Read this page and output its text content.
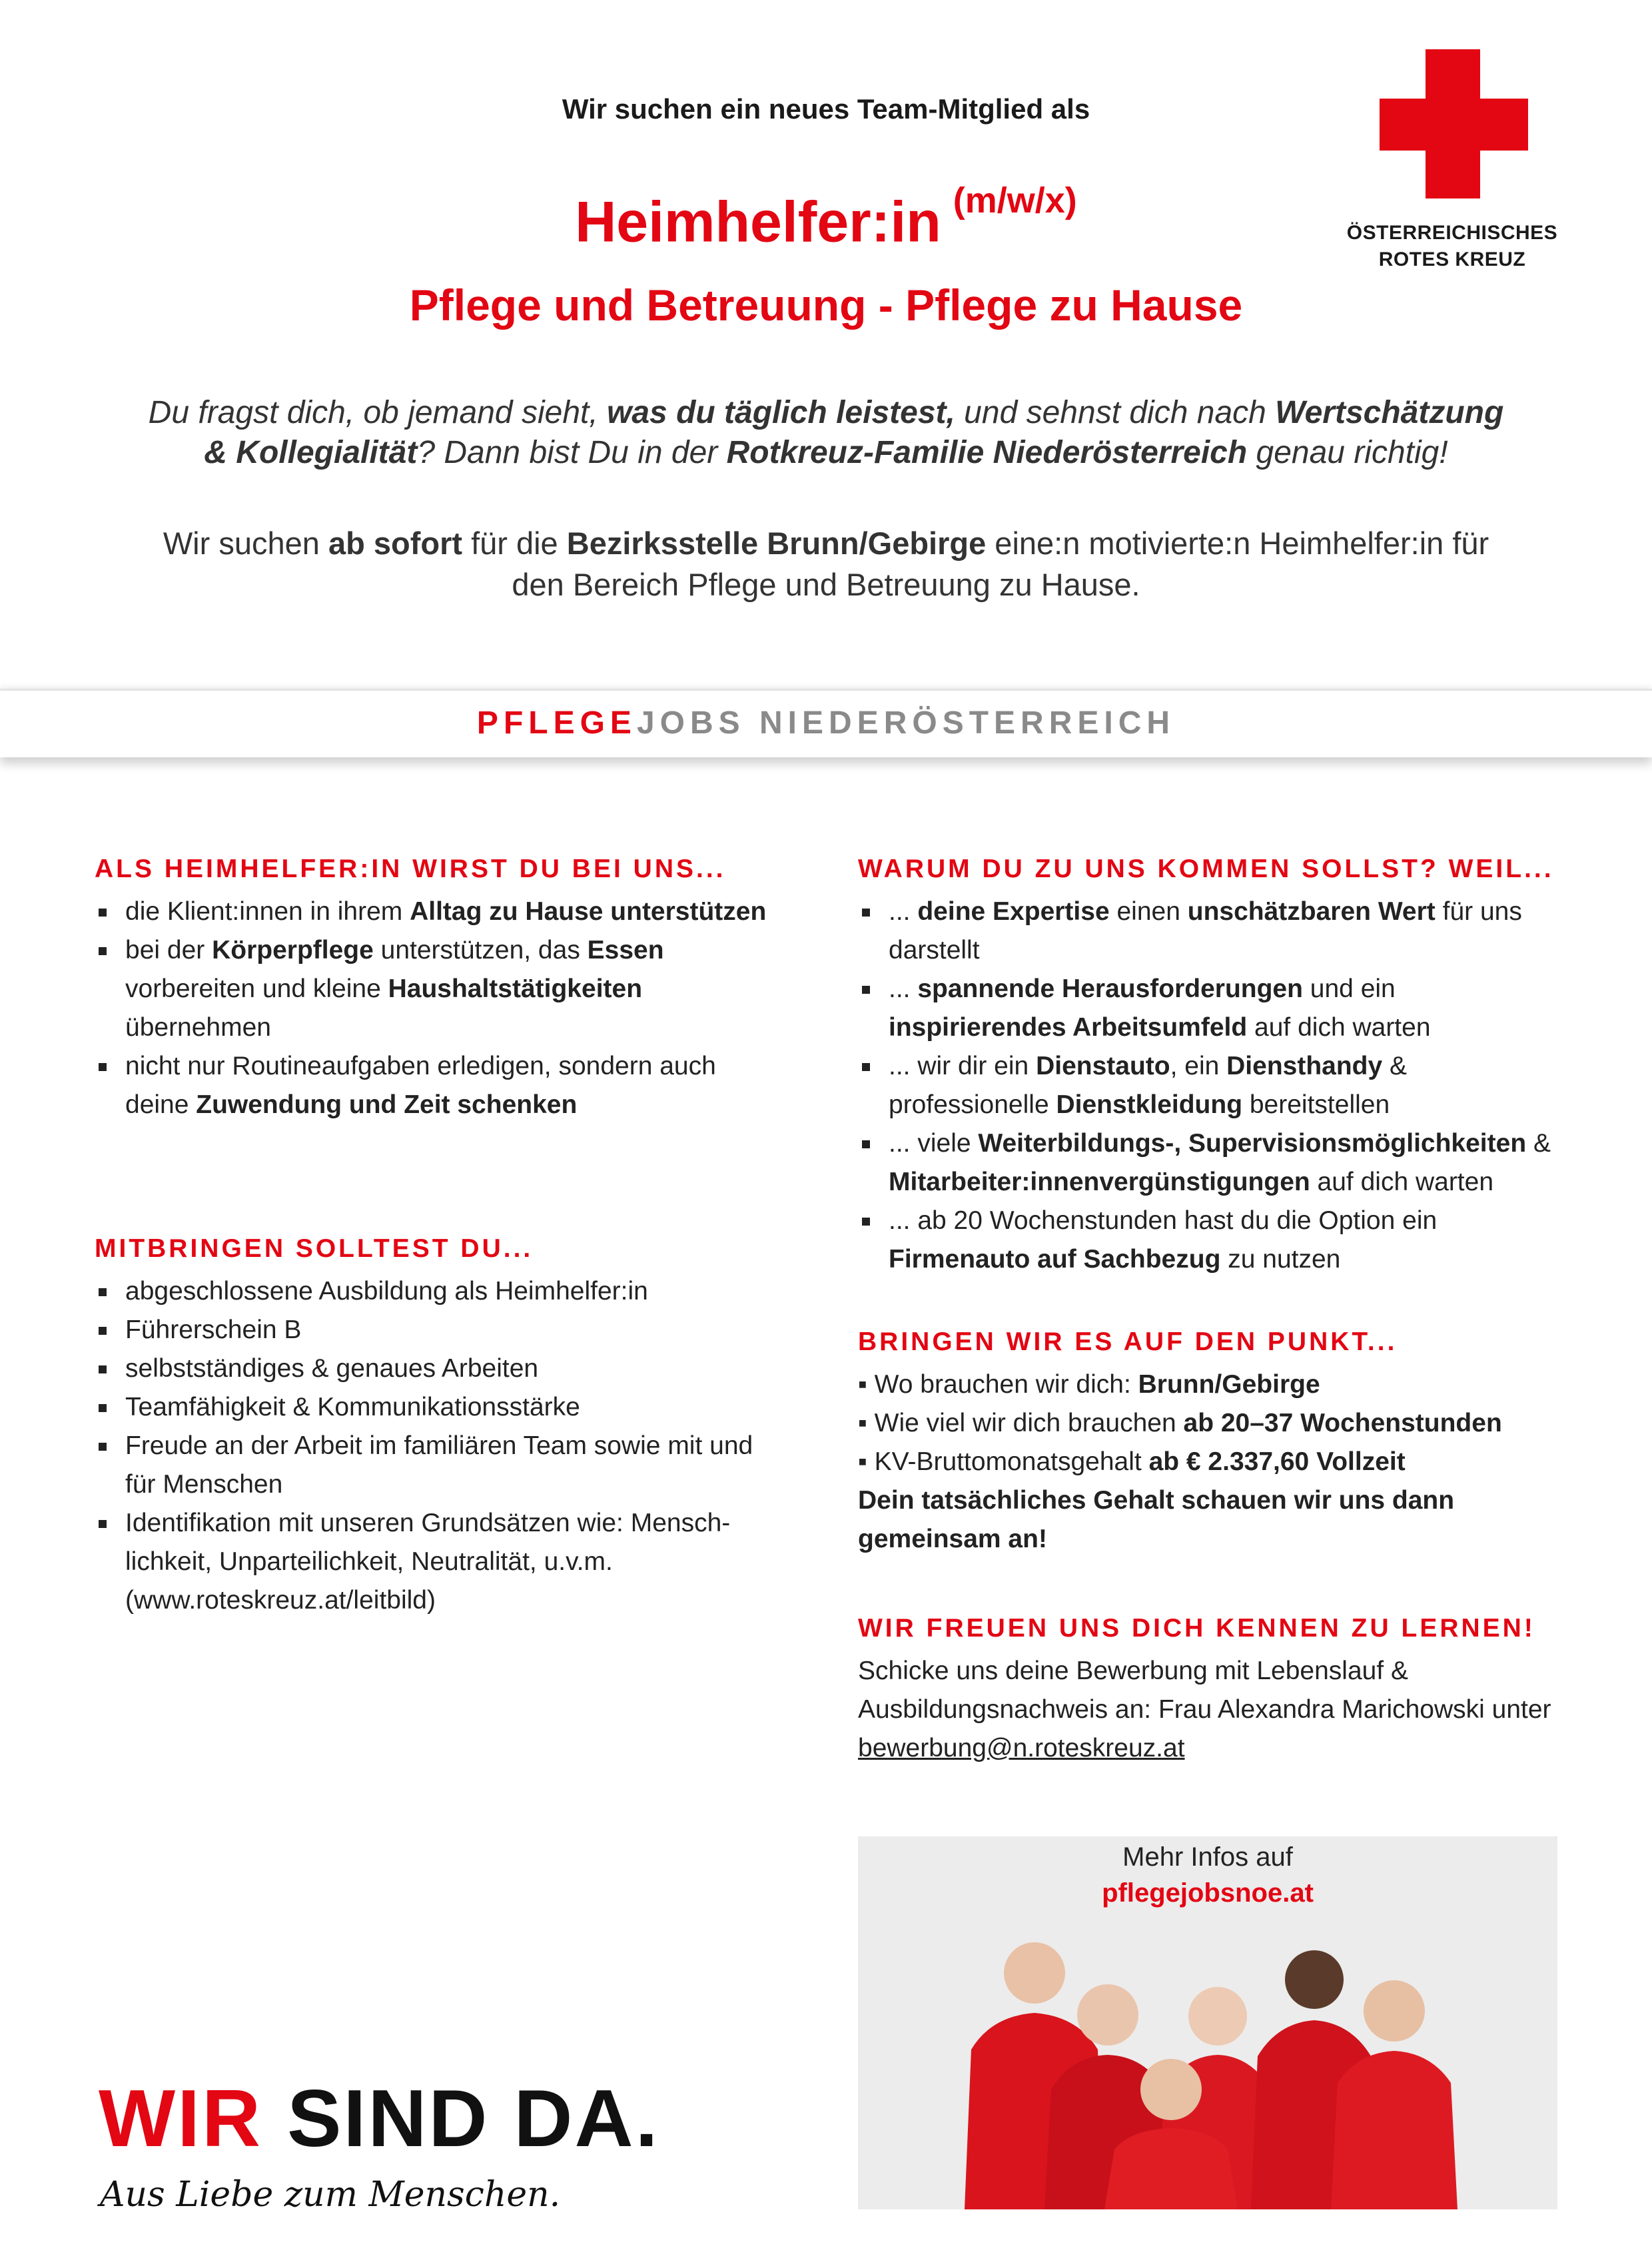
Wir suchen ein neues Team-Mitglied als
Heimhelfer:in $^{(m/w/x)}$
Pflege und Betreuung - Pflege zu Hause
Du fragst dich, ob jemand sieht, was du täglich leistest, und sehnst dich nach Wertschätzung & Kollegialität? Dann bist Du in der Rotkreuz-Familie Niederösterreich genau richtig!
Wir suchen ab sofort für die Bezirksstelle Brunn/Gebirge eine:n motivierte:n Heimhelfer:in für den Bereich Pflege und Betreuung zu Hause.
ÖSTERREICHISCHES
ROTES KREUZ
PFLEGEJOBS NIEDERÖSTERREICH
ALS HEIMHELFER:IN WIRST DU BEI UNS...
die Klient:innen in ihrem Alltag zu Hause unterstützen
bei der Körperpflege unterstützen, das Essen vorbereiten und kleine Haushaltstätigkeiten übernehmen
nicht nur Routineaufgaben erledigen, sondern auch deine Zuwendung und Zeit schenken
MITBRINGEN SOLLTEST DU...
abgeschlossene Ausbildung als Heimhelfer:in
Führerschein B
selbstständiges & genaues Arbeiten
Teamfähigkeit & Kommunikationsstärke
Freude an der Arbeit im familiären Team sowie mit und für Menschen
Identifikation mit unseren Grundsätzen wie: Mensch-lichkeit, Unparteilichkeit, Neutralität, u.v.m. (www.roteskreuz.at/leitbild)
WARUM DU ZU UNS KOMMEN SOLLST? WEIL...
... deine Expertise einen unschätzbaren Wert für uns darstellt
... spannende Herausforderungen und ein inspirierendes Arbeitsumfeld auf dich warten
... wir dir ein Dienstauto, ein Diensthandy & professionelle Dienstkleidung bereitstellen
... viele Weiterbildungs-, Supervisionsmöglichkeiten & Mitarbeiter:innenvergünstigungen auf dich warten
... ab 20 Wochenstunden hast du die Option ein Firmenauto auf Sachbezug zu nutzen
BRINGEN WIR ES AUF DEN PUNKT...
▪ Wo brauchen wir dich: Brunn/Gebirge
▪ Wie viel wir dich brauchen ab 20–37 Wochenstunden
▪ KV-Bruttomonatsgehalt ab € 2.337,60 Vollzeit
Dein tatsächliches Gehalt schauen wir uns dann gemeinsam an!
WIR FREUEN UNS DICH KENNEN ZU LERNEN!
Schicke uns deine Bewerbung mit Lebenslauf & Ausbildungsnachweis an: Frau Alexandra Marichowski unter bewerbung@n.roteskreuz.at
Mehr Infos auf
pflegejobsnoe.at
WIR SIND DA.
Aus Liebe zum Menschen.
